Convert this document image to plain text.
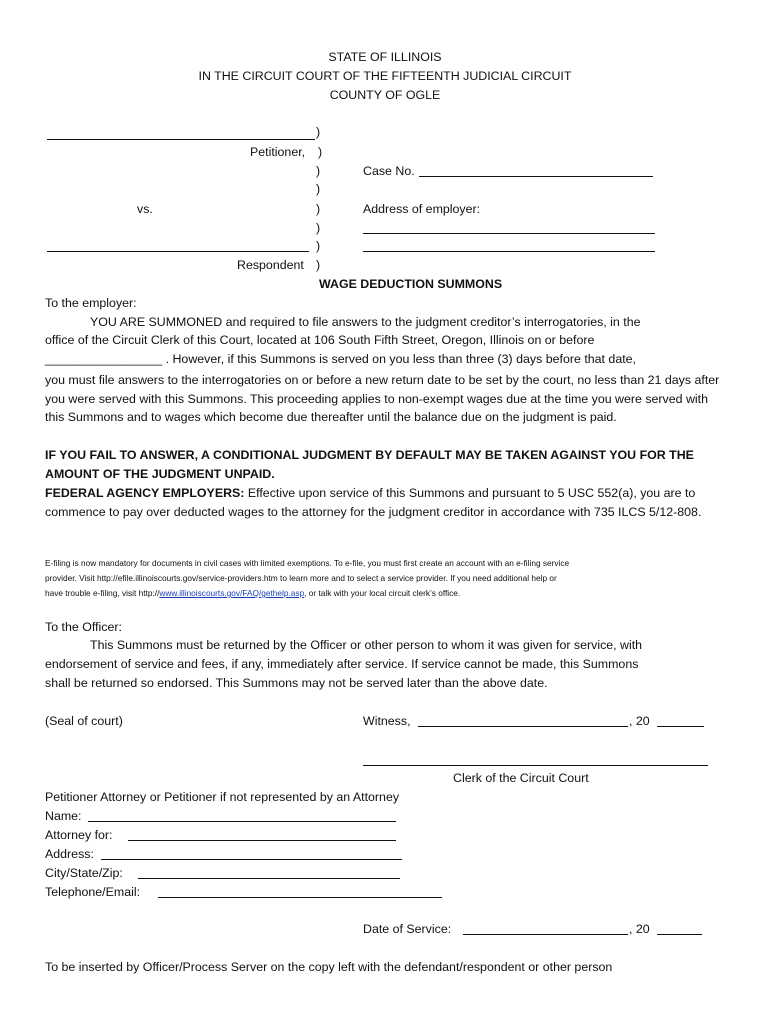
STATE OF ILLINOIS
IN THE CIRCUIT COURT OF THE FIFTEENTH JUDICIAL CIRCUIT
COUNTY OF OGLE
)
Petitioner, )
)	Case No.
)
vs.	)	Address of employer:
)
)
Respondent )
WAGE DEDUCTION SUMMONS
To the employer:
YOU ARE SUMMONED and required to file answers to the judgment creditor’s interrogatories, in the
office of the Circuit Clerk of this Court, located at 106 South Fifth Street, Oregon, Illinois on or before
_________________ . However, if this Summons is served on you less than three (3) days before that date,
you must file answers to the interrogatories on or before a new return date to be set by the court, no less than 21 days after you were served with this Summons. This proceeding applies to non-exempt wages due at the time you were served with this Summons and to wages which become due thereafter until the balance due on the judgment is paid.
IF YOU FAIL TO ANSWER, A CONDITIONAL JUDGMENT BY DEFAULT MAY BE TAKEN AGAINST YOU FOR THE AMOUNT OF THE JUDGMENT UNPAID.
FEDERAL AGENCY EMPLOYERS: Effective upon service of this Summons and pursuant to 5 USC 552(a), you are to commence to pay over deducted wages to the attorney for the judgment creditor in accordance with 735 ILCS 5/12-808.
E-filing is now mandatory for documents in civil cases with limited exemptions. To e-file, you must first create an account with an e-filing service
provider. Visit http://efile.illinoiscourts.gov/service-providers.htm to learn more and to select a service provider. If you need additional help or
have trouble e-filing, visit http://www.illinoiscourts.gov/FAQ/gethelp.asp, or talk with your local circuit clerk’s office.
To the Officer:
This Summons must be returned by the Officer or other person to whom it was given for service, with
endorsement of service and fees, if any, immediately after service. If service cannot be made, this Summons
shall be returned so endorsed. This Summons may not be served later than the above date.
(Seal of court)	Witness,	, 20
Clerk of the Circuit Court
Petitioner Attorney or Petitioner if not represented by an Attorney
Name:
Attorney for:
Address:
City/State/Zip:
Telephone/Email:
Date of Service:	, 20
To be inserted by Officer/Process Server on the copy left with the defendant/respondent or other person
